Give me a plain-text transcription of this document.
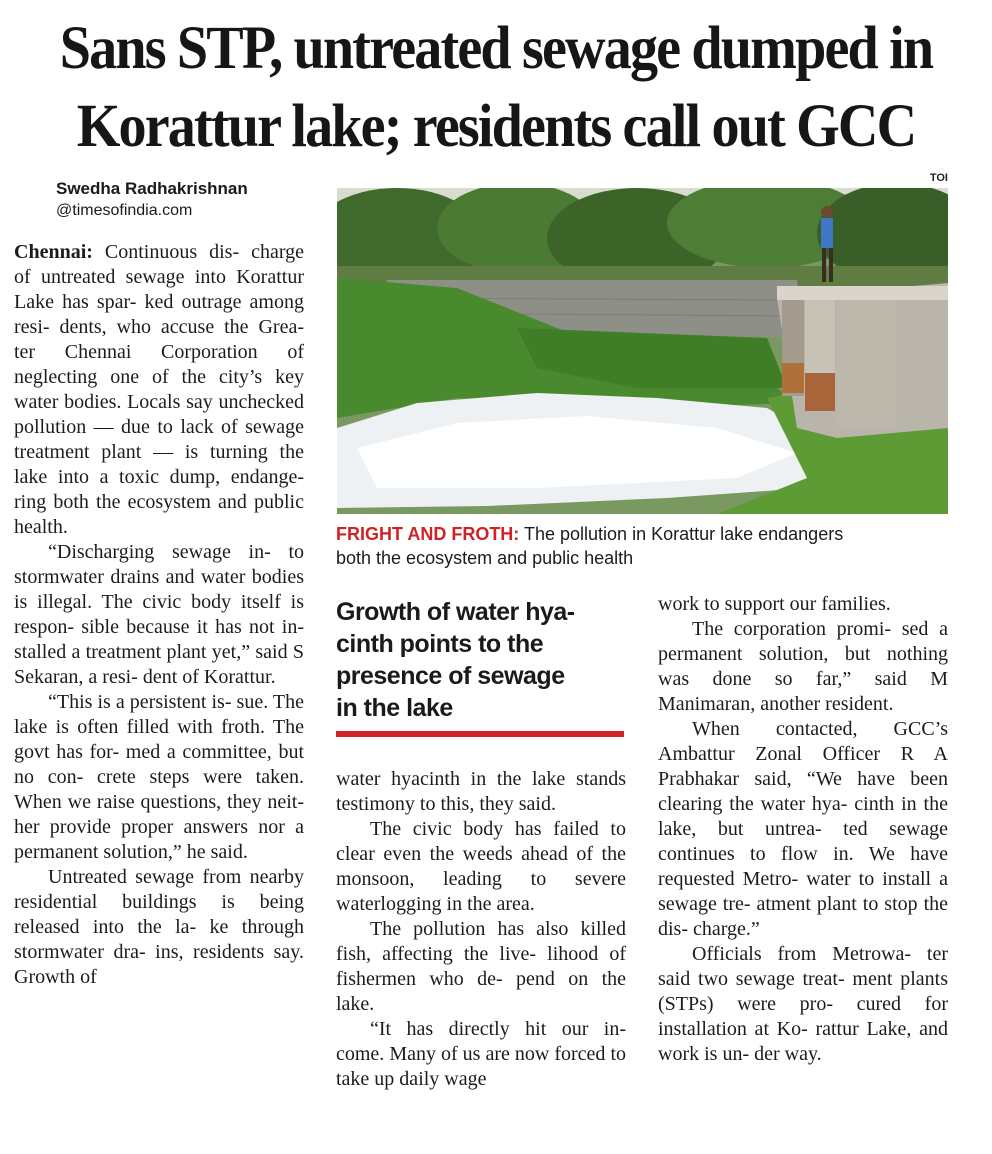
Sans STP, untreated sewage dumped in
Korattur lake; residents call out GCC
Swedha Radhakrishnan
@timesofindia.com

Chennai: Continuous dis- charge of untreated sewage into Korattur Lake has spar- ked outrage among resi- dents, who accuse the Grea- ter Chennai Corporation of neglecting one of the city’s key water bodies. Locals say unchecked pollution — due to lack of sewage treatment plant — is turning the lake into a toxic dump, endange- ring both the ecosystem and public health.

“Discharging sewage in- to stormwater drains and water bodies is illegal. The civic body itself is respon- sible because it has not in- stalled a treatment plant yet,” said S Sekaran, a resi- dent of Korattur.

“This is a persistent is- sue. The lake is often filled with froth. The govt has for- med a committee, but no con- crete steps were taken. When we raise questions, they neit- her provide proper answers nor a permanent solution,” he said.

Untreated sewage from nearby residential buildings is being released into the la- ke through stormwater dra- ins, residents say. Growth of

TOI
FRIGHT AND FROTH: The pollution in Korattur lake endangers
both the ecosystem and public health
Growth of water hya-
cinth points to the
presence of sewage
in the lake

water hyacinth in the lake stands testimony to this, they said.

The civic body has failed to clear even the weeds ahead of the monsoon, leading to severe waterlogging in the area.

The pollution has also killed fish, affecting the live- lihood of fishermen who de- pend on the lake.

“It has directly hit our in- come. Many of us are now forced to take up daily wage

work to support our families.

The corporation promi- sed a permanent solution, but nothing was done so far,” said M Manimaran, another resident.

When contacted, GCC’s Ambattur Zonal Officer R A Prabhakar said, “We have been clearing the water hya- cinth in the lake, but untrea- ted sewage continues to flow in. We have requested Metro- water to install a sewage tre- atment plant to stop the dis- charge.”

Officials from Metrowa- ter said two sewage treat- ment plants (STPs) were pro- cured for installation at Ko- rattur Lake, and work is un- der way.
